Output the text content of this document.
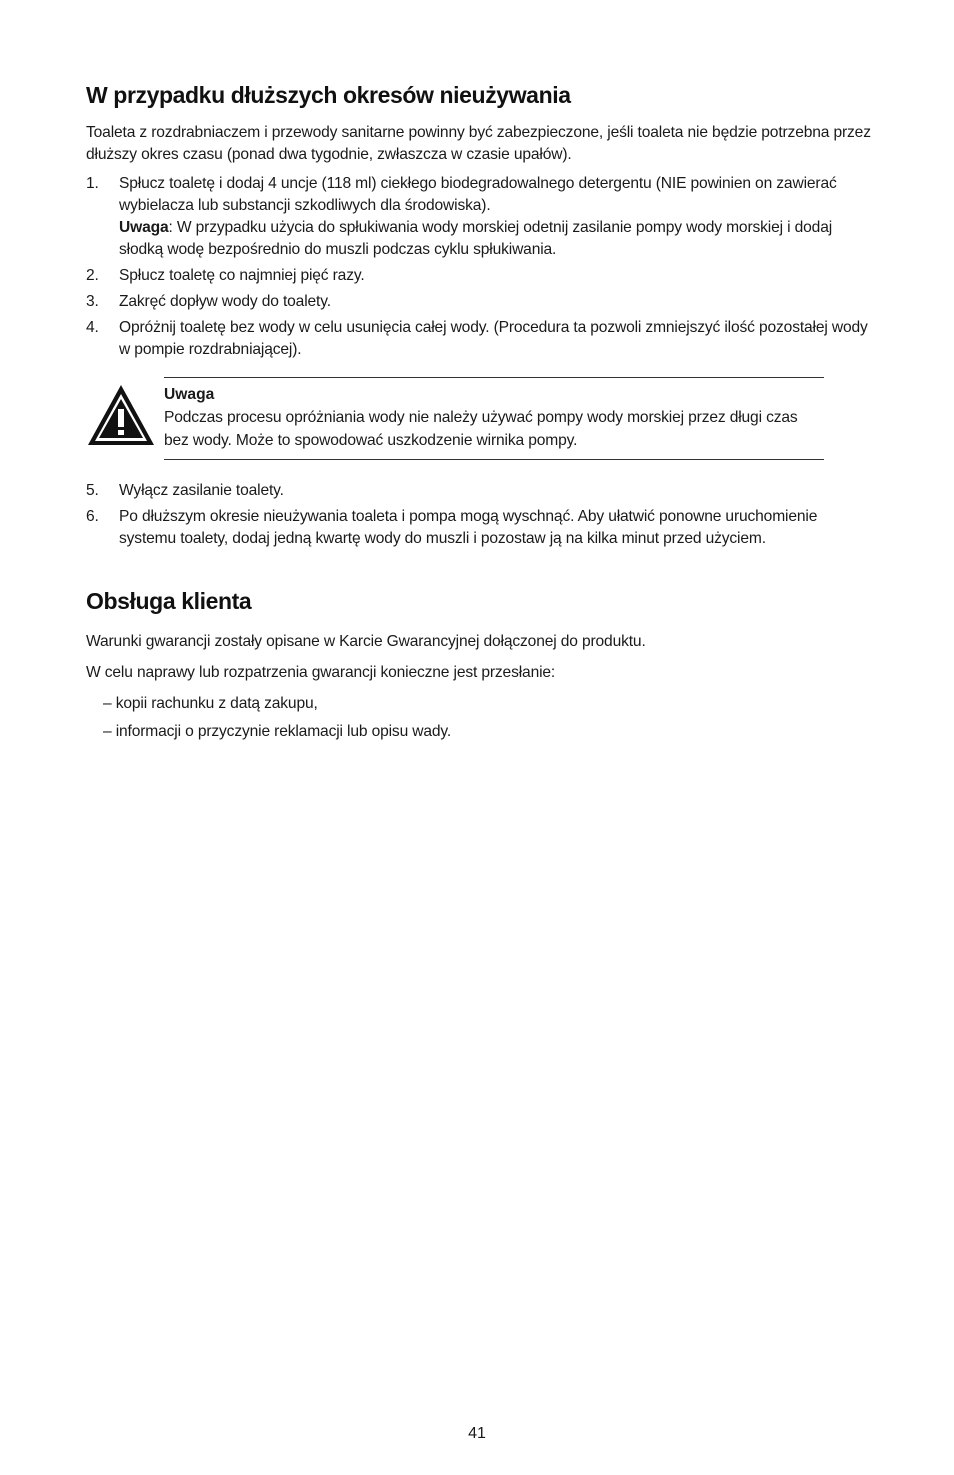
W przypadku dłuższych okresów nieużywania

Toaleta z rozdrabniaczem i przewody sanitarne powinny być zabezpieczone, jeśli toaleta nie będzie potrzebna przez dłuższy okres czasu (ponad dwa tygodnie, zwłaszcza w czasie upałów).

1. Spłucz toaletę i dodaj 4 uncje (118 ml) ciekłego biodegradowalnego detergentu (NIE powinien on zawierać wybielacza lub substancji szkodliwych dla środowiska).
Uwaga: W przypadku użycia do spłukiwania wody morskiej odetnij zasilanie pompy wody morskiej i dodaj słodką wodę bezpośrednio do muszli podczas cyklu spłukiwania.
2. Spłucz toaletę co najmniej pięć razy.
3. Zakręć dopływ wody do toalety.
4. Opróżnij toaletę bez wody w celu usunięcia całej wody. (Procedura ta pozwoli zmniejszyć ilość pozostałej wody w pompie rozdrabniającej).
Uwaga
Podczas procesu opróżniania wody nie należy używać pompy wody morskiej przez długi czas bez wody. Może to spowodować uszkodzenie wirnika pompy.
5. Wyłącz zasilanie toalety.
6. Po dłuższym okresie nieużywania toaleta i pompa mogą wyschnąć. Aby ułatwić ponowne uruchomienie systemu toalety, dodaj jedną kwartę wody do muszli i pozostaw ją na kilka minut przed użyciem.
Obsługa klienta

Warunki gwarancji zostały opisane w Karcie Gwarancyjnej dołączonej do produktu.

W celu naprawy lub rozpatrzenia gwarancji konieczne jest przesłanie:

– kopii rachunku z datą zakupu,
– informacji o przyczynie reklamacji lub opisu wady.
41
